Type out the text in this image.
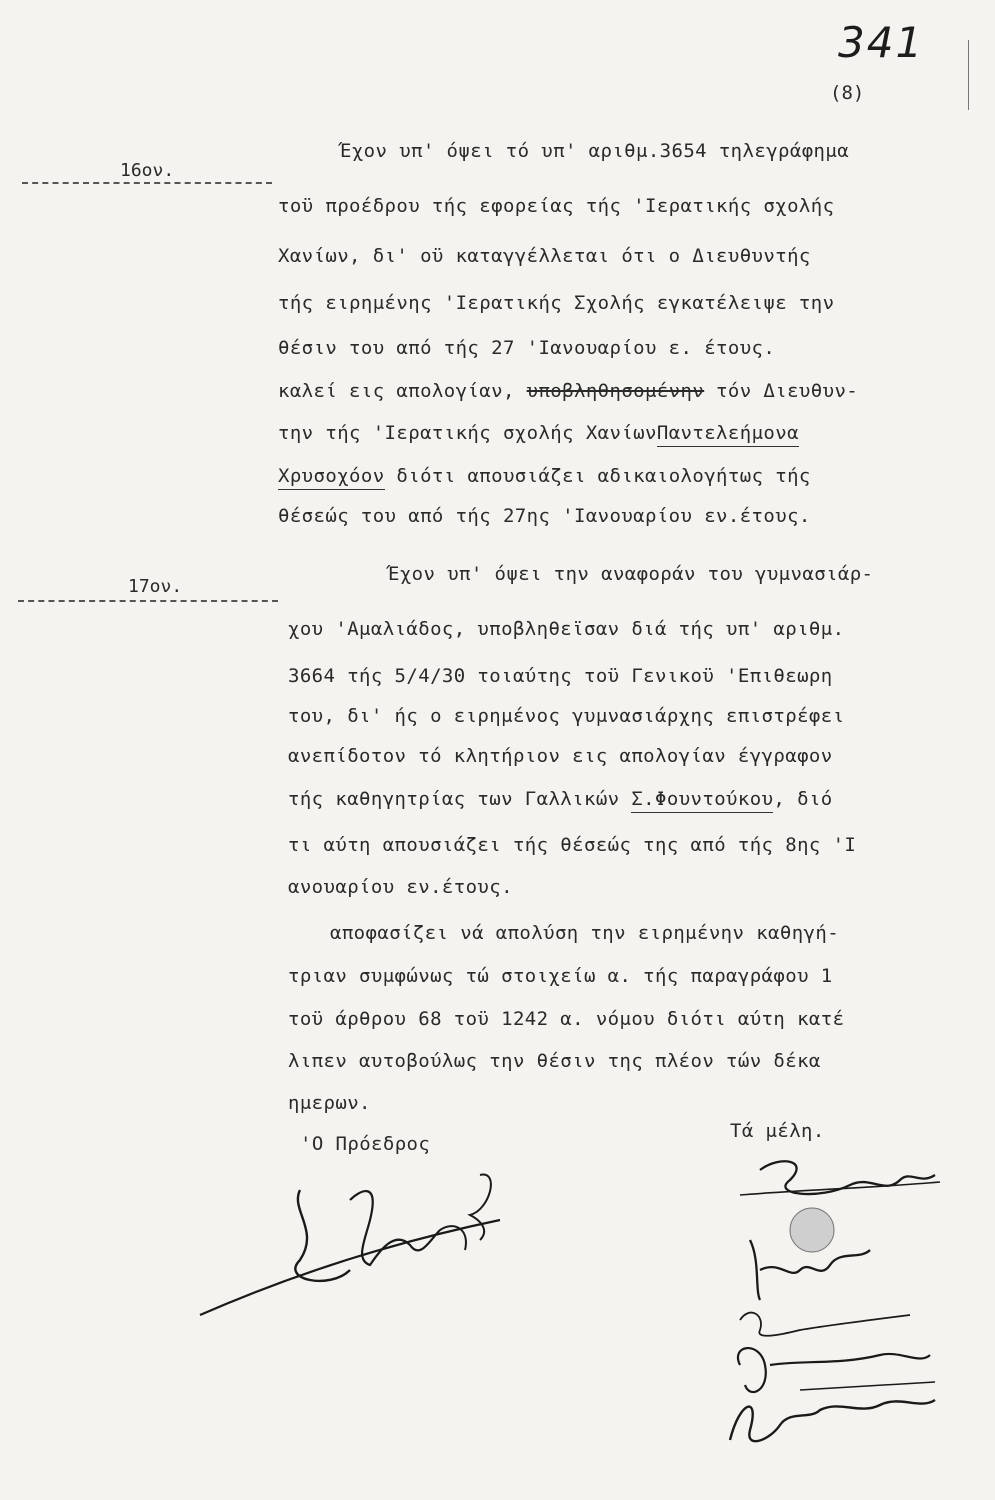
341
(8)
16ον.
Έχον υπ' όψει τό υπ' αριθμ.3654 τηλεγράφημα
τοϋ προέδρου τής εφορείας τής 'Ιερατικής σχολής
Χανίων, δι' οϋ καταγγέλλεται ότι ο Διευθυντής
τής ειρημένης 'Ιερατικής Σχολής εγκατέλειψε την
θέσιν του από τής 27 'Ιανουαρίου ε. έτους.
καλεί εις απολογίαν, υποβληθησομένην τόν Διευθυν-
την τής 'Ιερατικής σχολής ΧανίωνΠαντελεήμονα
Χρυσοχόον διότι απουσιάζει αδικαιολογήτως τής
θέσεώς του από τής 27ης 'Ιανουαρίου εν.έτους.
17ον.
Έχον υπ' όψει την αναφοράν του γυμνασιάρ-
χου 'Αμαλιάδος, υποβληθεϊσαν διά τής υπ' αριθμ.
3664 τής 5/4/30 τοιαύτης τοϋ Γενικοϋ 'Επιθεωρη
του, δι' ής ο ειρημένος γυμνασιάρχης επιστρέφει
ανεπίδοτον τό κλητήριον εις απολογίαν έγγραφον
τής καθηγητρίας των Γαλλικών Σ.Φουντούκου, διό
τι αύτη απουσιάζει τής θέσεώς της από τής 8ης 'Ι
ανουαρίου εν.έτους.
αποφασίζει νά απολύση την ειρημένην καθηγή-
τριαν συμφώνως τώ στοιχείω α. τής παραγράφου 1
τοϋ άρθρου 68 τοϋ 1242 α. νόμου διότι αύτη κατέ
λιπεν αυτοβούλως την θέσιν της πλέον τών δέκα
ημερων.
'Ο Πρόεδρος
Τά μέλη.
